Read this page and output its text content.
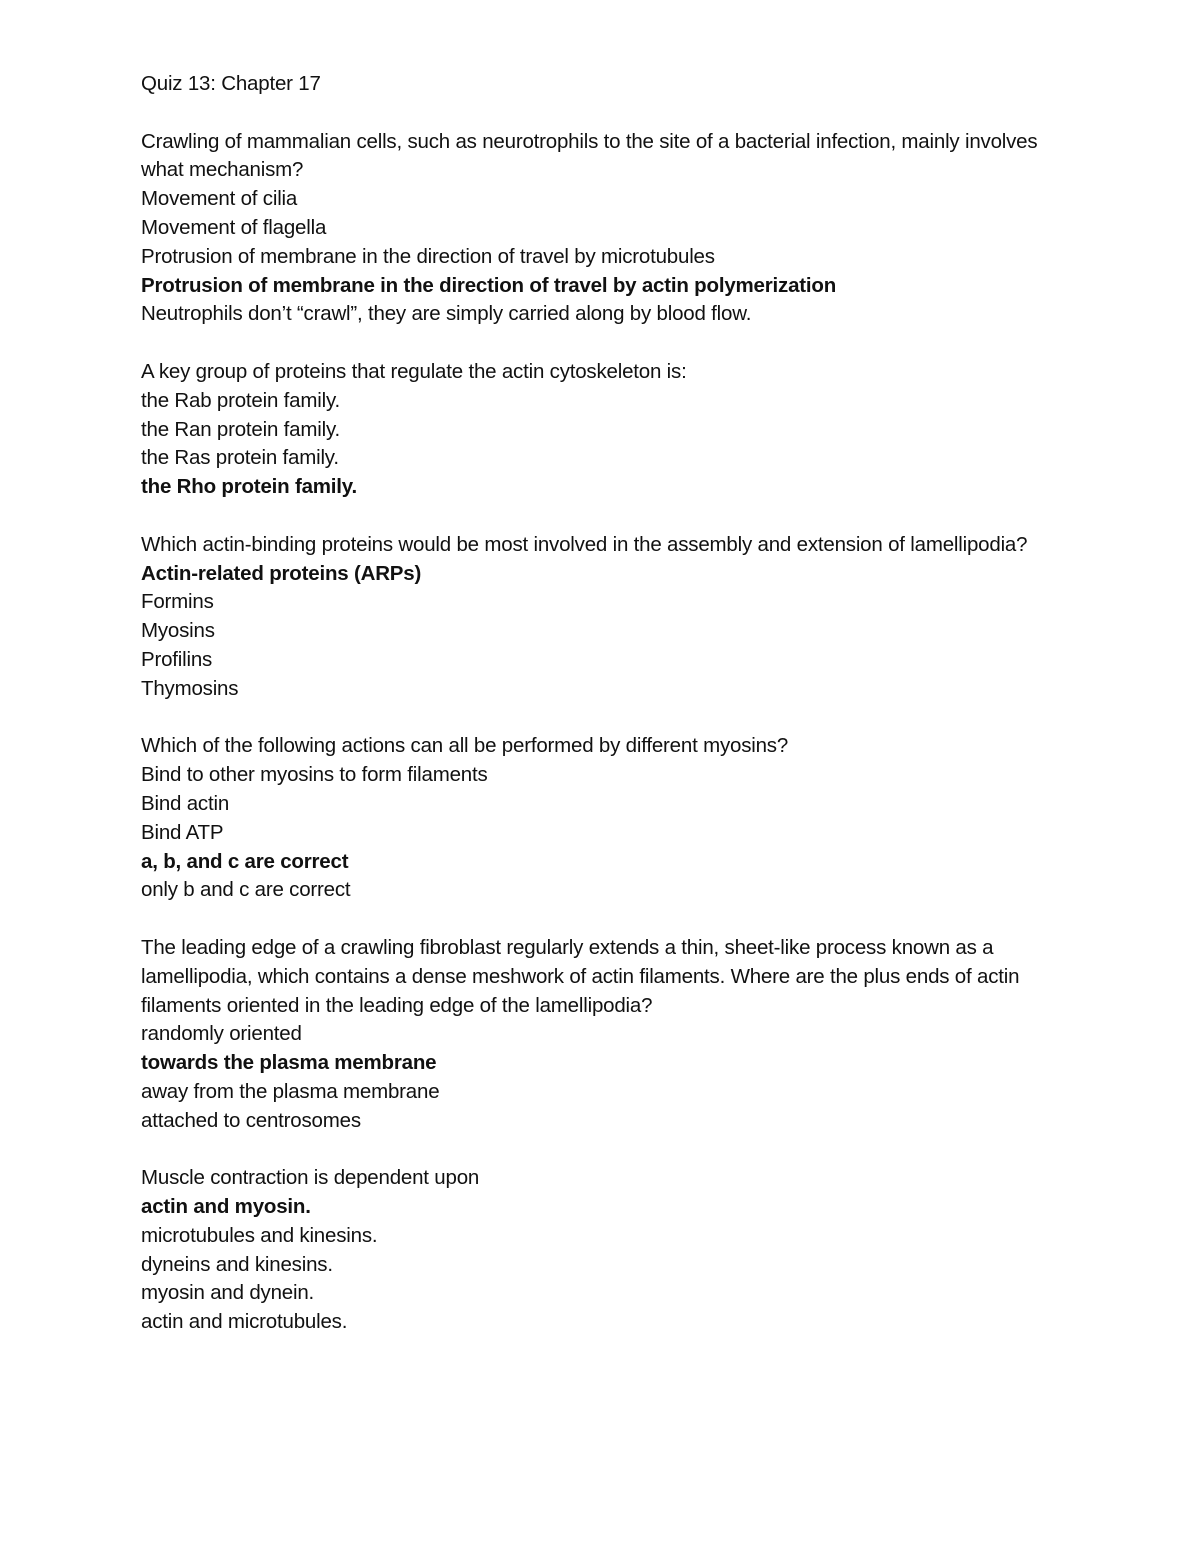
Quiz 13: Chapter 17

Crawling of mammalian cells, such as neurotrophils to the site of a bacterial infection, mainly involves what mechanism?

Movement of cilia
Movement of flagella
Protrusion of membrane in the direction of travel by microtubules
Protrusion of membrane in the direction of travel by actin polymerization
Neutrophils don’t “crawl”, they are simply carried along by blood flow.

A key group of proteins that regulate the actin cytoskeleton is:

the Rab protein family.
the Ran protein family.
the Ras protein family.
the Rho protein family.

Which actin-binding proteins would be most involved in the assembly and extension of lamellipodia?

Actin-related proteins (ARPs)
Formins
Myosins
Profilins
Thymosins

Which of the following actions can all be performed by different myosins?

Bind to other myosins to form filaments
Bind actin
Bind ATP
a, b, and c are correct
only b and c are correct

The leading edge of a crawling fibroblast regularly extends a thin, sheet-like process known as a lamellipodia, which contains a dense meshwork of actin filaments. Where are the plus ends of actin filaments oriented in the leading edge of the lamellipodia?

randomly oriented
towards the plasma membrane
away from the plasma membrane
attached to centrosomes

Muscle contraction is dependent upon

actin and myosin.
microtubules and kinesins.
dyneins and kinesins.
myosin and dynein.
actin and microtubules.
